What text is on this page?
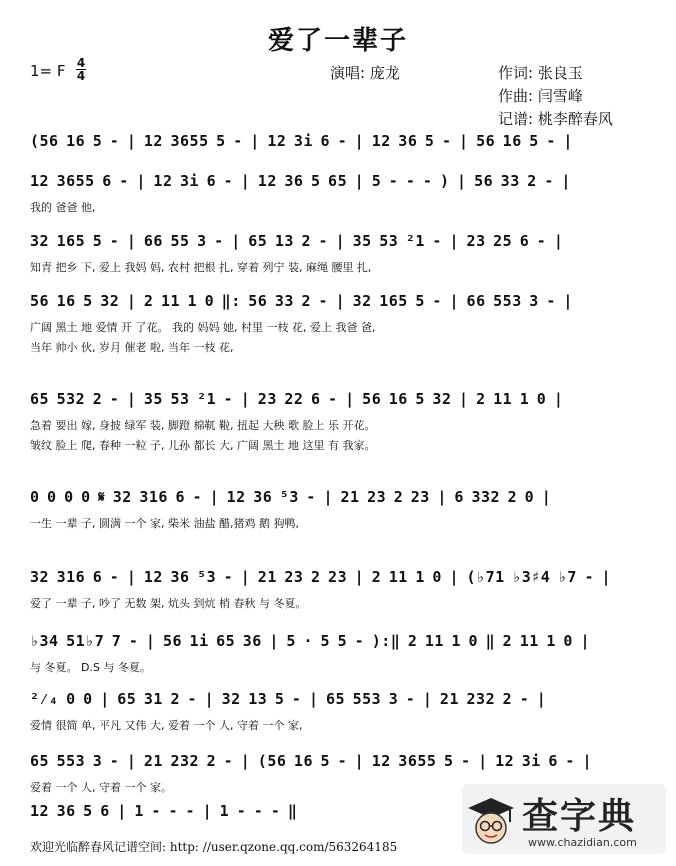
爱了一辈子
1= F 4
4	演唱: 庞龙	作词: 张良玉
作曲: 闫雪峰
记谱: 桃李醉春风
(56 16 5 - | 12 3655 5 - | 12 3i 6 - | 12 36 5 - | 56 16 5 - |
12 3655 6 - | 12 3i 6 - | 12 36 5 65 | 5 - - - ) | 56 33 2 - |
我的 爸爸 他,
32 165 5 - | 66 55 3 - | 65 13 2 - | 35 53 ²1 - | 23 25 6 - |
知青 把乡 下, 爱上 我妈 妈, 农村 把根 扎, 穿着 列宁 装, 麻绳 腰里 扎,
56 16 5 32 | 2 11 1 0 ‖: 56 33 2 - | 32 165 5 - | 66 553 3 - |
广阔 黑土 地 爱情 开 了花。 我的 妈妈 她, 村里 一枝 花, 爱上 我爸 爸,
当年 帅小 伙, 岁月 催老 啦, 当年 一枝 花,
65 532 2 - | 35 53 ²1 - | 23 22 6 - | 56 16 5 32 | 2 11 1 0 |
急着 要出 嫁, 身披 绿军 装, 脚蹬 棉靰 鞡, 扭起 大秧 歌 脸上 乐 开花。
皱纹 脸上 爬, 春种 一粒 子, 儿孙 都长 大, 广阔 黑土 地 这里 有 我家。
0 0 0 0 𝄋 32 316 6 - | 12 36 ⁵3 - | 21 23 2 23 | 6 332 2 0 |
一生 一辈 子, 圆满 一个 家, 柴米 油盐 醋,猪鸡 鹅 狗鸭,
32 316 6 - | 12 36 ⁵3 - | 21 23 2 23 | 2 11 1 0 | (♭71 ♭3♯4 ♭7 - |
爱了 一辈 子, 吵了 无数 架, 炕头 到炕 梢 春秋 与 冬夏。
♭34 51♭7 7 - | 56 1i 65 36 | 5 · 5 5 - ):‖ 2 11 1 0 ‖ 2 11 1 0 |
与 冬夏。 D.S 与 冬夏。
²⁄₄ 0 0 | 65 31 2 - | 32 13 5 - | 65 553 3 - | 21 232 2 - |
爱情 很简 单, 平凡 又伟 大, 爱着 一个 人, 守着 一个 家,
65 553 3 - | 21 232 2 - | (56 16 5 - | 12 3655 5 - | 12 3i 6 - |
爱着 一个 人, 守着 一个 家。
12 36 5 6 | 1 - - - | 1 - - - ‖
欢迎光临醉春风记谱空间: http: //user.qzone.qq.com/563264185
查字典
www.chazidian.com
